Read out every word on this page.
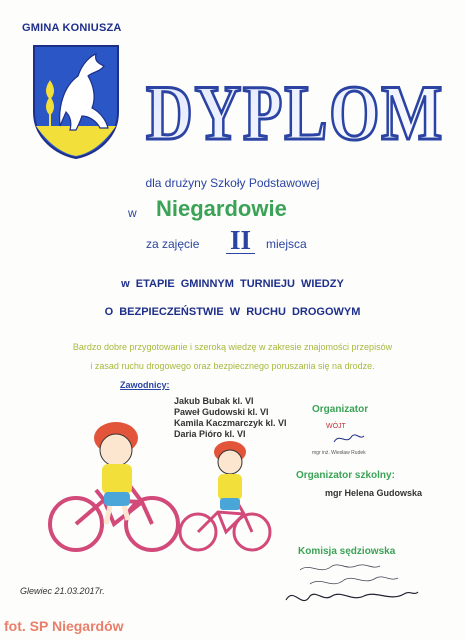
GMINA KONIUSZA
DYPLOM
dla drużyny Szkoły Podstawowej
w Niegardowie
za zajęcie II	miejsca
w ETAPIE GMINNYM TURNIEJU WIEDZY
O BEZPIECZEŃSTWIE W RUCHU DROGOWYM
Bardzo dobre przygotowanie i szeroką wiedzę w zakresie znajomości przepisów
i zasad ruchu drogowego oraz bezpiecznego poruszania się na drodze.
Zawodnicy:
Jakub Bubak kl. VI
Paweł Gudowski kl. VI
Kamila Kaczmarczyk kl. VI
Daria Pióro kl. VI
Organizator
WÓJT
mgr inż. Wiesław Rudek
Organizator szkolny:
mgr Helena Gudowska
Komisja sędziowska
Glewiec 21.03.2017r.
fot. SP Niegardów
